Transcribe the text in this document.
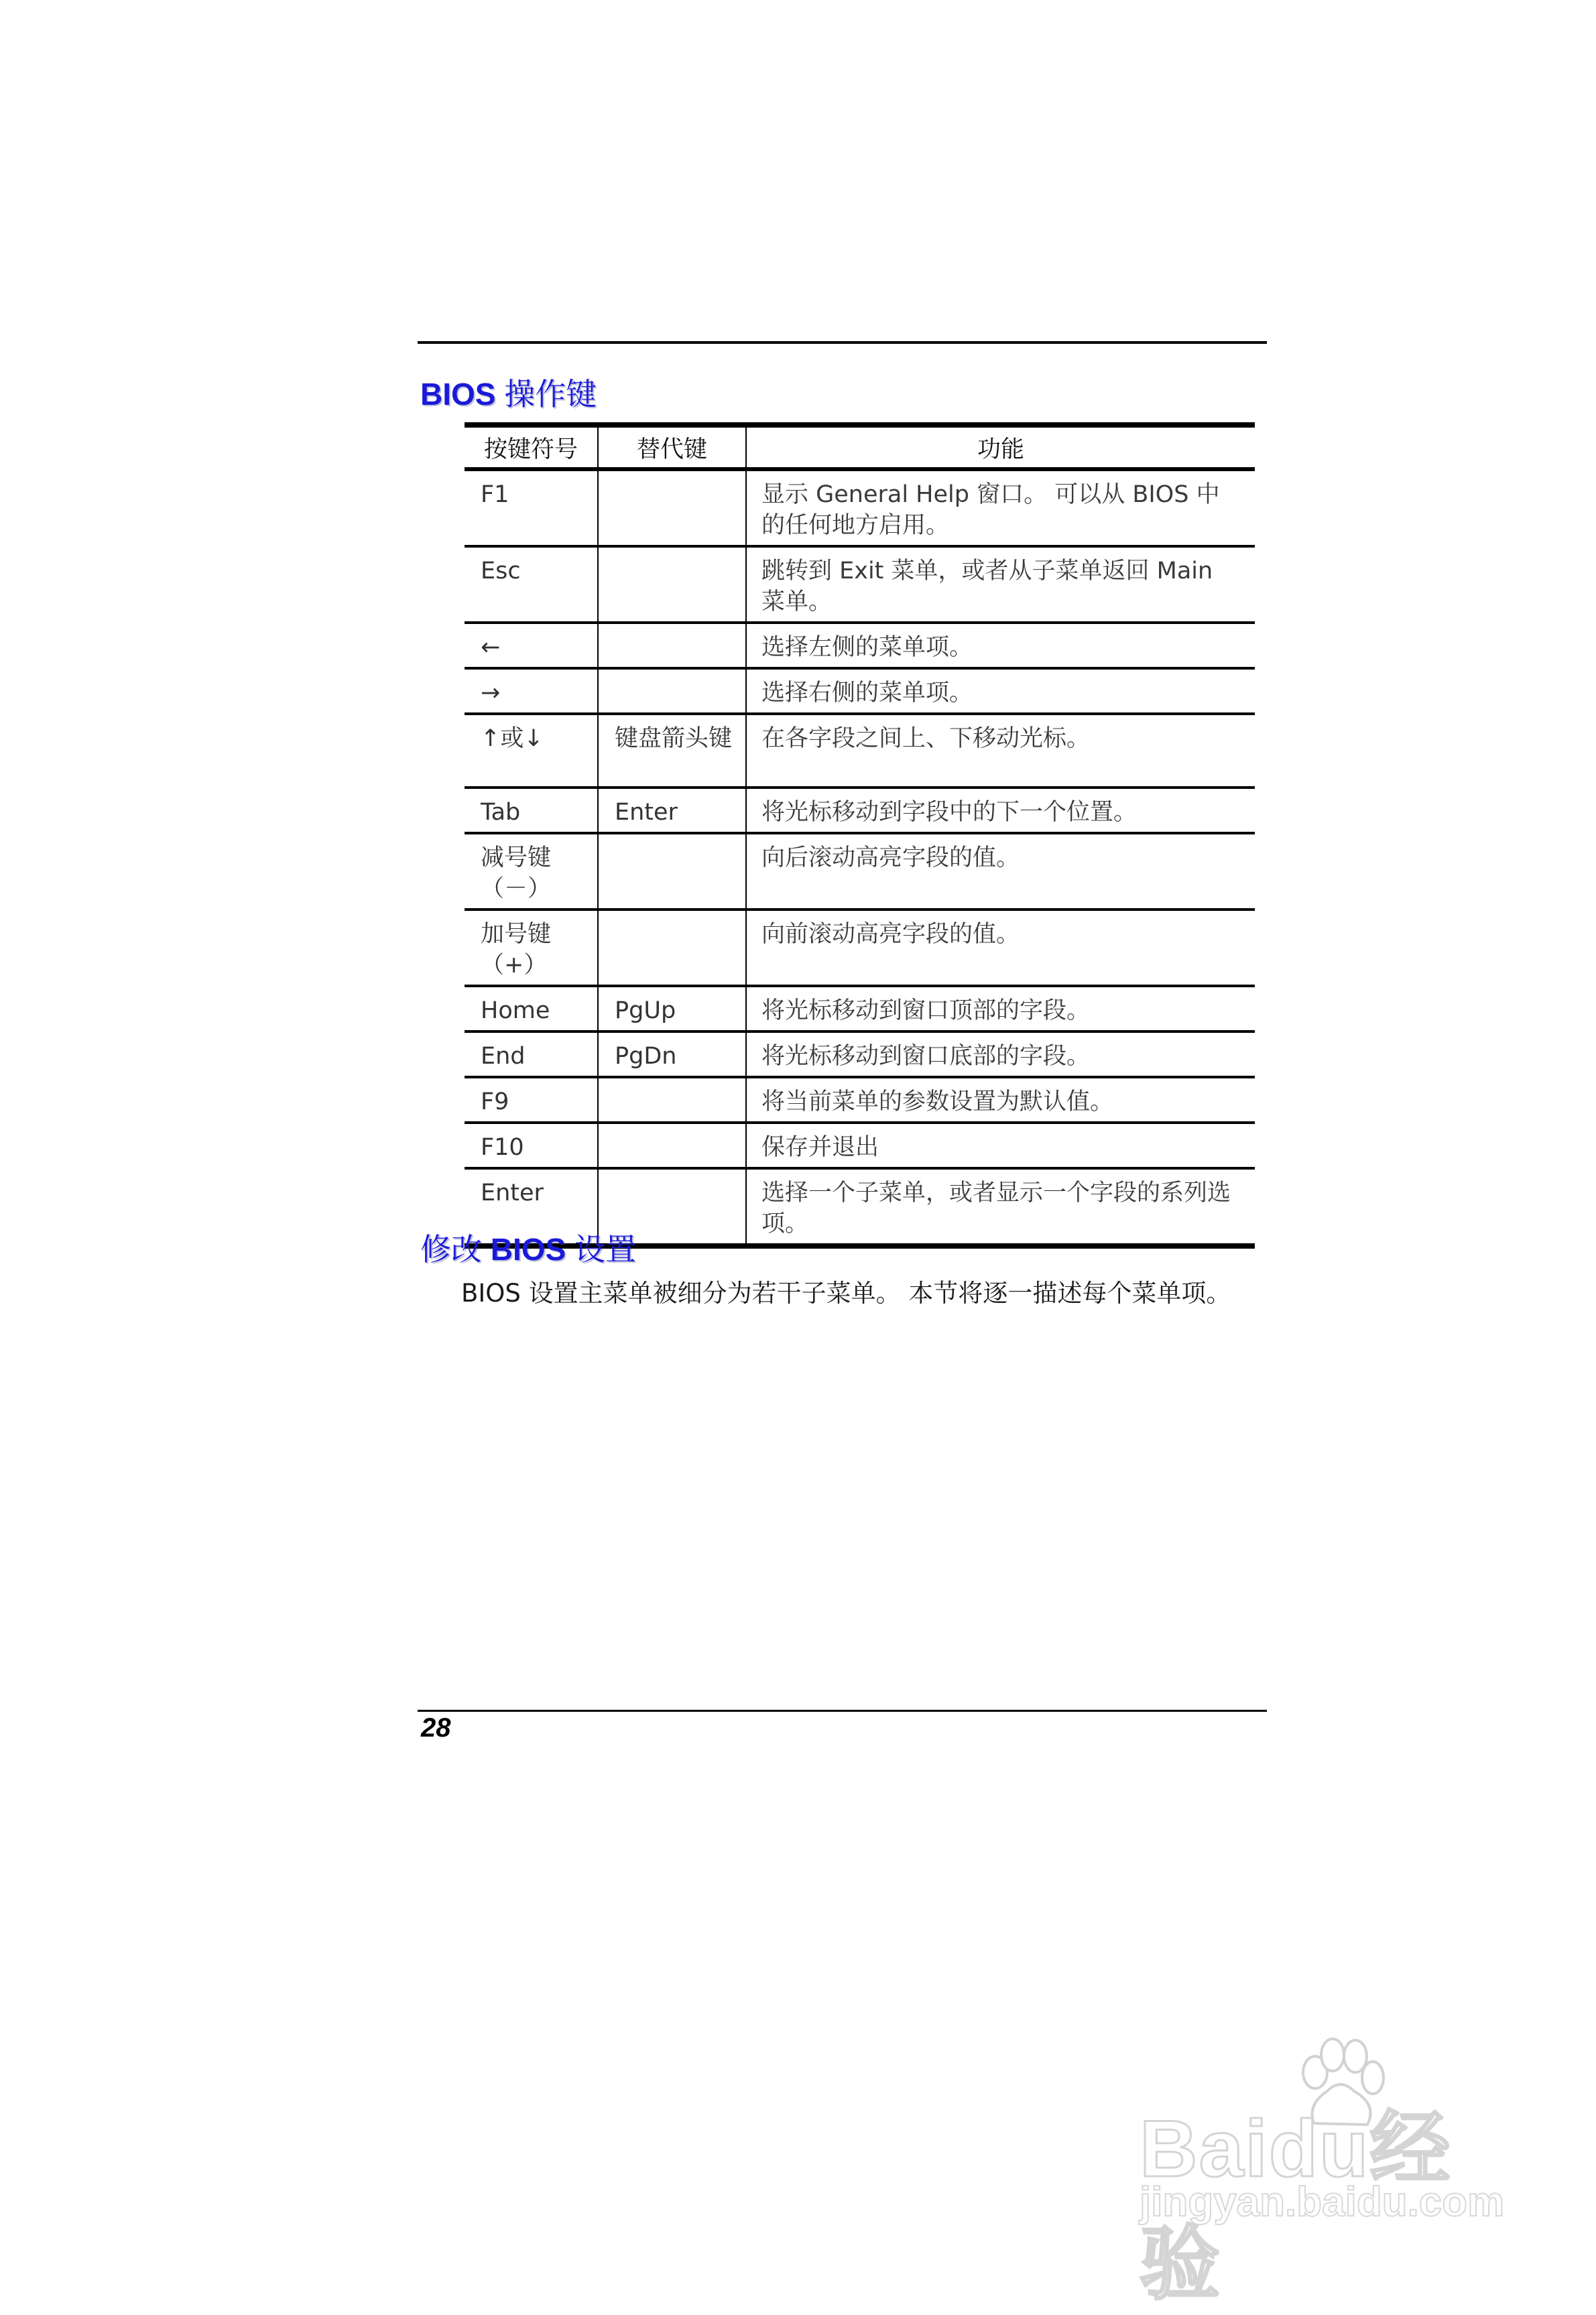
BIOS 操作键
按键符号	替代键	功能
F1		显示 General Help 窗口。 可以从 BIOS 中的任何地方启用。
Esc		跳转到 Exit 菜单，或者从子菜单返回 Main 菜单。
←		选择左侧的菜单项。
→		选择右侧的菜单项。
↑或↓	键盘箭头键	在各字段之间上、下移动光标。
Tab	Enter	将光标移动到字段中的下一个位置。
减号键（－）		向后滚动高亮字段的值。
加号键（+）		向前滚动高亮字段的值。
Home	PgUp	将光标移动到窗口顶部的字段。
End	PgDn	将光标移动到窗口底部的字段。
F9		将当前菜单的参数设置为默认值。
F10		保存并退出
Enter		选择一个子菜单，或者显示一个字段的系列选项。
修改 BIOS 设置
BIOS 设置主菜单被细分为若干子菜单。 本节将逐一描述每个菜单项。
28
Baidu经验
jingyan.baidu.com
